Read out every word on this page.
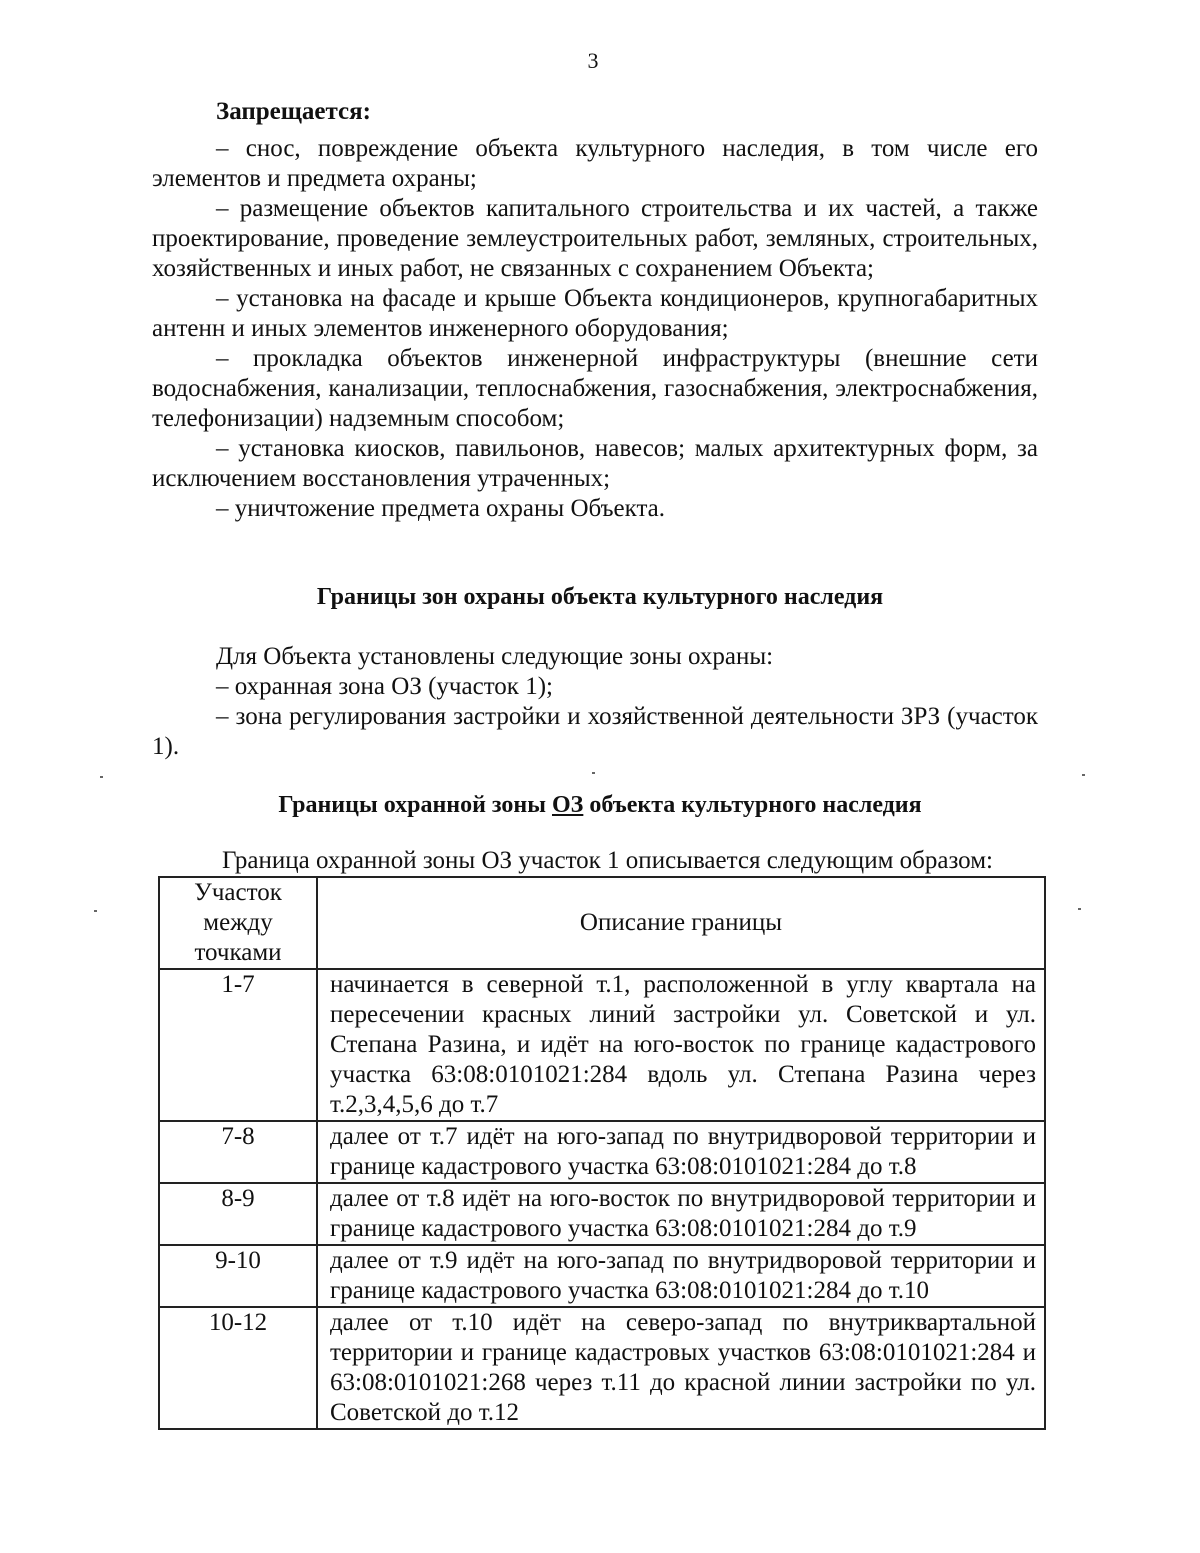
3
Запрещается:

– снос, повреждение объекта культурного наследия, в том числе его элементов и предмета охраны;

– размещение объектов капитального строительства и их частей, а также проектирование, проведение землеустроительных работ, земляных, строительных, хозяйственных и иных работ, не связанных с сохранением Объекта;

– установка на фасаде и крыше Объекта кондиционеров, крупногабаритных антенн и иных элементов инженерного оборудования;

– прокладка объектов инженерной инфраструктуры (внешние сети водоснабжения, канализации, теплоснабжения, газоснабжения, электроснабжения, телефонизации) надземным способом;

– установка киосков, павильонов, навесов; малых архитектурных форм, за исключением восстановления утраченных;

– уничтожение предмета охраны Объекта.

Границы зон охраны объекта культурного наследия

Для Объекта установлены следующие зоны охраны:

– охранная зона ОЗ (участок 1);

– зона регулирования застройки и хозяйственной деятельности ЗРЗ (участок 1).

Границы охранной зоны ОЗ объекта культурного наследия
Граница охранной зоны ОЗ участок 1 описывается следующим образом:
Участок между точками	Описание границы
1-7	начинается в северной т.1, расположенной в углу квартала на пересечении красных линий застройки ул. Советской и ул. Степана Разина, и идёт на юго-восток по границе кадастрового участка 63:08:0101021:284 вдоль ул. Степана Разина через т.2,3,4,5,6 до т.7
7-8	далее от т.7 идёт на юго-запад по внутридворовой территории и границе кадастрового участка 63:08:0101021:284 до т.8
8-9	далее от т.8 идёт на юго-восток по внутридворовой территории и границе кадастрового участка 63:08:0101021:284 до т.9
9-10	далее от т.9 идёт на юго-запад по внутридворовой территории и границе кадастрового участка 63:08:0101021:284 до т.10
10-12	далее от т.10 идёт на северо-запад по внутриквартальной территории и границе кадастровых участков 63:08:0101021:284 и 63:08:0101021:268 через т.11 до красной линии застройки по ул. Советской до т.12
